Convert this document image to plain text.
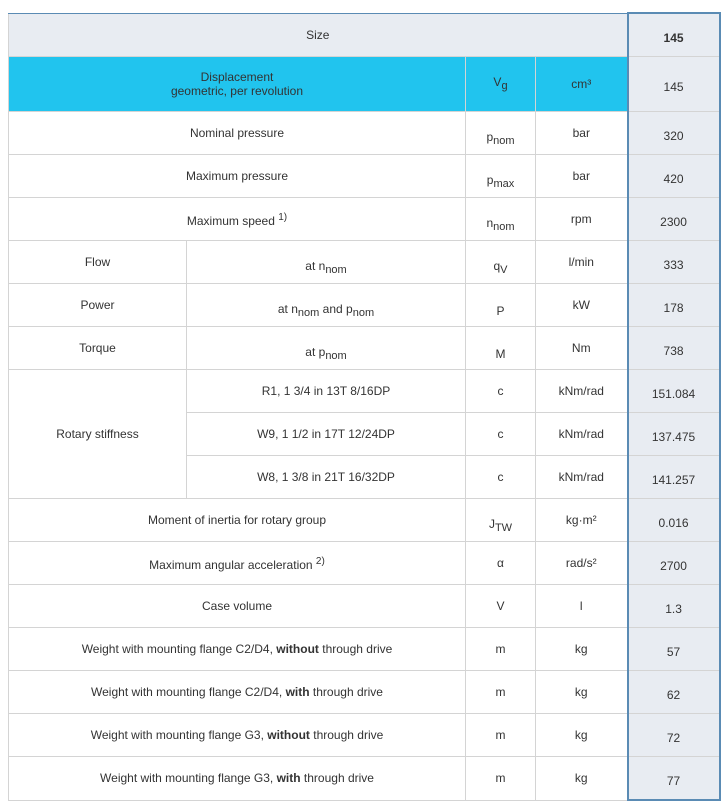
Size				145
Displacement
geometric, per revolution		Vg	cm³	145
Nominal pressure		pnom	bar	320
Maximum pressure		pmax	bar	420
Maximum speed $^{1)}$		nnom	rpm	2300
Flow	at nnom	qV	l/min	333
Power	at nnom and pnom	P	kW	178
Torque	at pnom	M	Nm	738
Rotary stiffness	R1, 1 3/4 in 13T 8/16DP	c	kNm/rad	151.084
	W9, 1 1/2 in 17T 12/24DP	c	kNm/rad	137.475
	W8, 1 3/8 in 21T 16/32DP	c	kNm/rad	141.257
Moment of inertia for rotary group		JTW	kg·m²	0.016
Maximum angular acceleration $^{2)}$		α	rad/s²	2700
Case volume		V	l	1.3
Weight with mounting flange C2/D4, without through drive		m	kg	57
Weight with mounting flange C2/D4, with through drive		m	kg	62
Weight with mounting flange G3, without through drive		m	kg	72
Weight with mounting flange G3, with through drive		m	kg	77
